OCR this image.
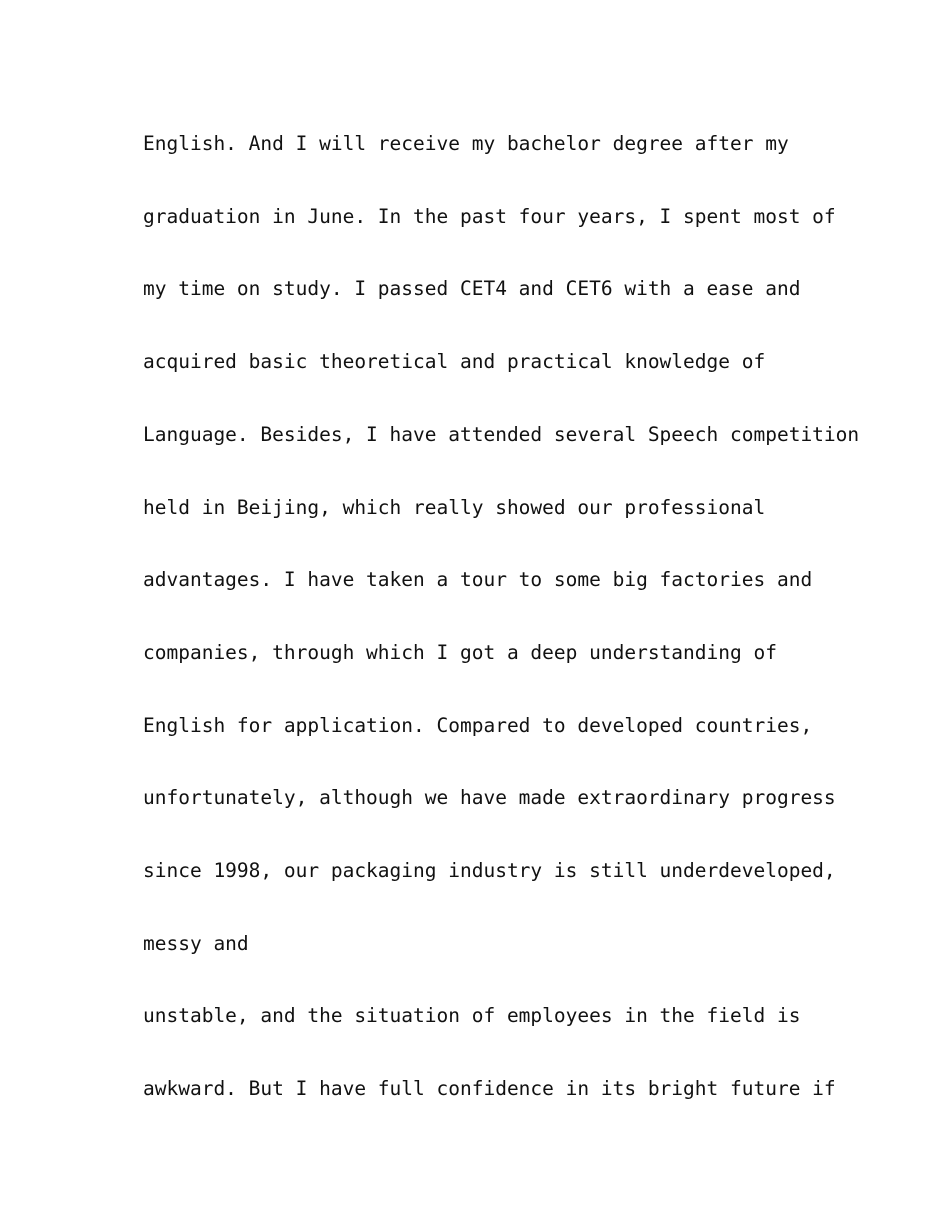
English. And I will receive my bachelor degree after my
graduation in June. In the past four years, I spent most of
my time on study. I passed CET4 and CET6 with a ease and
acquired basic theoretical and practical knowledge of
Language. Besides, I have attended several Speech competition
held in Beijing, which really showed our professional
advantages. I have taken a tour to some big factories and
companies, through which I got a deep understanding of
English for application. Compared to developed countries,
unfortunately, although we have made extraordinary progress
since 1998, our packaging industry is still underdeveloped,
messy and
unstable, and the situation of employees in the field is
awkward. But I have full confidence in its bright future if
